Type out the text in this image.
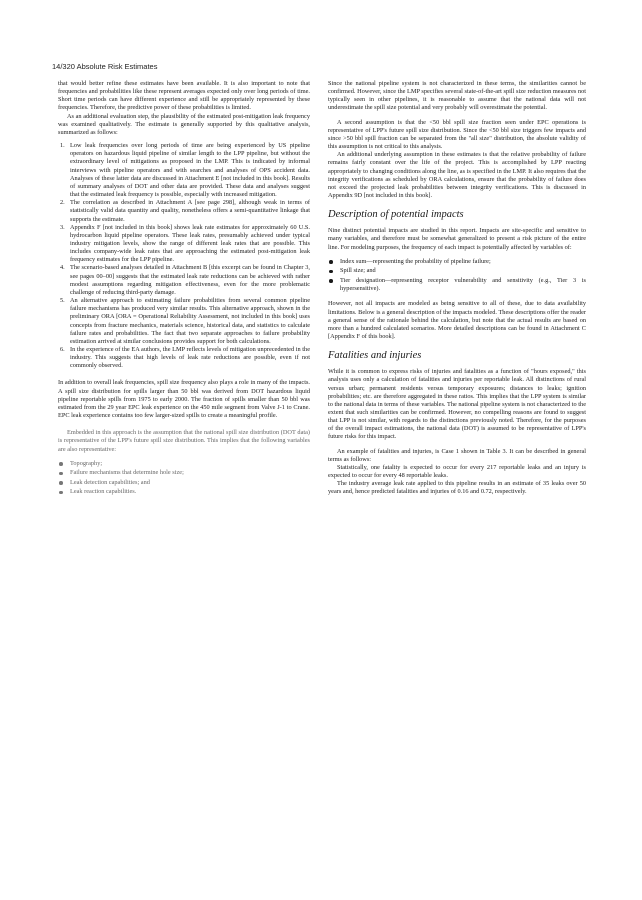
14/320 Absolute Risk Estimates

that would better refine these estimates have been available. It is also important to note that frequencies and probabilities like these represent averages expected only over long periods of time. Short time periods can have different experience and still be appropriately represented by these frequencies. Therefore, the predictive power of these probabilities is limited.

As an additional evaluation step, the plausibility of the estimated post-mitigation leak frequency was examined qualitatively. The estimate is generally supported by this qualitative analysis, summarized as follows:

1. Low leak frequencies over long periods of time are being experienced by US pipeline operators on hazardous liquid pipeline of similar length to the LPP pipeline, but without the extraordinary level of mitigations as proposed in the LMP. This is indicated by informal interviews with pipeline operators and with searches and analyses of OPS accident data. Analyses of these latter data are discussed in Attachment E [not included in this book]. Results of summary analyses of DOT and other data are provided. These data and analyses suggest that the estimated leak frequency is possible, especially with increased mitigation.
2. The correlation as described in Attachment A [see page 298], although weak in terms of statistically valid data quantity and quality, nonetheless offers a semi-quantitative linkage that supports the estimate.
3. Appendix F [not included in this book] shows leak rate estimates for approximately 60 U.S. hydrocarbon liquid pipeline operators. These leak rates, presumably achieved under typical industry mitigation levels, show the range of different leak rates that are possible. This includes company-wide leak rates that are approaching the estimated post-mitigation leak frequency estimates for the LPP pipeline.
4. The scenario-based analyses detailed in Attachment B [this excerpt can be found in Chapter 3, see pages 00–00] suggests that the estimated leak rate reductions can be achieved with rather modest assumptions regarding mitigation effectiveness, even for the more problematic challenge of reducing third-party damage.
5. An alternative approach to estimating failure probabilities from several common pipeline failure mechanisms has produced very similar results. This alternative approach, shown in the preliminary ORA [ORA = Operational Reliability Assessment, not included in this book] uses concepts from fracture mechanics, materials science, historical data, and statistics to calculate failure rates and probabilities. The fact that two separate approaches to failure probability estimation arrived at similar conclusions provides support for both calculations.
6. In the experience of the EA authors, the LMP reflects levels of mitigation unprecedented in the industry. This suggests that high levels of leak rate reductions are possible, even if not commonly observed.

In addition to overall leak frequencies, spill size frequency also plays a role in many of the impacts. A spill size distribution for spills larger than 50 bbl was derived from DOT hazardous liquid pipeline reportable spills from 1975 to early 2000. The fraction of spills smaller than 50 bbl was estimated from the 29 year EPC leak experience on the 450 mile segment from Valve J-1 to Crane. EPC leak experience contains too few larger-sized spills to create a meaningful profile.

Embedded in this approach is the assumption that the national spill size distribution (DOT data) is representative of the LPP's future spill size distribution. This implies that the following variables are also representative:

Topography;
Failure mechanisms that determine hole size;
Leak detection capabilities; and
Leak reaction capabilities.

Since the national pipeline system is not characterized in these terms, the similarities cannot be confirmed. However, since the LMP specifies several state-of-the-art spill size reduction measures not typically seen in other pipelines, it is reasonable to assume that the national data will not underestimate the spill size potential and very probably will overestimate the potential.

A second assumption is that the <50 bbl spill size fraction seen under EPC operations is representative of LPP's future spill size distribution. Since the <50 bbl size triggers few impacts and since >50 bbl spill fraction can be separated from the "all size" distribution, the absolute validity of this assumption is not critical to this analysis.

An additional underlying assumption in these estimates is that the relative probability of failure remains fairly constant over the life of the project. This is accomplished by LPP reacting appropriately to changing conditions along the line, as is specified in the LMP. It also requires that the integrity verifications as scheduled by ORA calculations, ensure that the probability of failure does not exceed the projected leak probabilities between integrity verifications. This is discussed in Appendix 9D [not included in this book].

Description of potential impacts

Nine distinct potential impacts are studied in this report. Impacts are site-specific and sensitive to many variables, and therefore must be somewhat generalized to present a risk picture of the entire line. For modeling purposes, the frequency of each impact is potentially affected by variables of:

Index sum—representing the probability of pipeline failure;
Spill size; and
Tier designation—representing receptor vulnerability and sensitivity (e.g., Tier 3 is hypersensitive).

However, not all impacts are modeled as being sensitive to all of these, due to data availability limitations. Below is a general description of the impacts modeled. These descriptions offer the reader a general sense of the rationale behind the calculation, but note that the actual results are based on more than a hundred calculated scenarios. More detailed descriptions can be found in Attachment C [Appendix F of this book].

Fatalities and injuries

While it is common to express risks of injuries and fatalities as a function of "hours exposed," this analysis uses only a calculation of fatalities and injuries per reportable leak. All distinctions of rural versus urban; permanent residents versus temporary exposures; distances to leaks; ignition probabilities; etc. are therefore aggregated in these ratios. This implies that the LPP system is similar to the national data in terms of these variables. The national pipeline system is not characterized to the extent that such similarities can be confirmed. However, no compelling reasons are found to suggest that LPP is not similar, with regards to the distinctions previously noted. Therefore, for the purposes of the overall impact estimations, the national data (DOT) is assumed to be representative of LPP's future risks for this impact.

An example of fatalities and injuries, is Case 1 shown in Table 3. It can be described in general terms as follows:

Statistically, one fatality is expected to occur for every 217 reportable leaks and an injury is expected to occur for every 48 reportable leaks.

The industry average leak rate applied to this pipeline results in an estimate of 35 leaks over 50 years and, hence predicted fatalities and injuries of 0.16 and 0.72, respectively.
